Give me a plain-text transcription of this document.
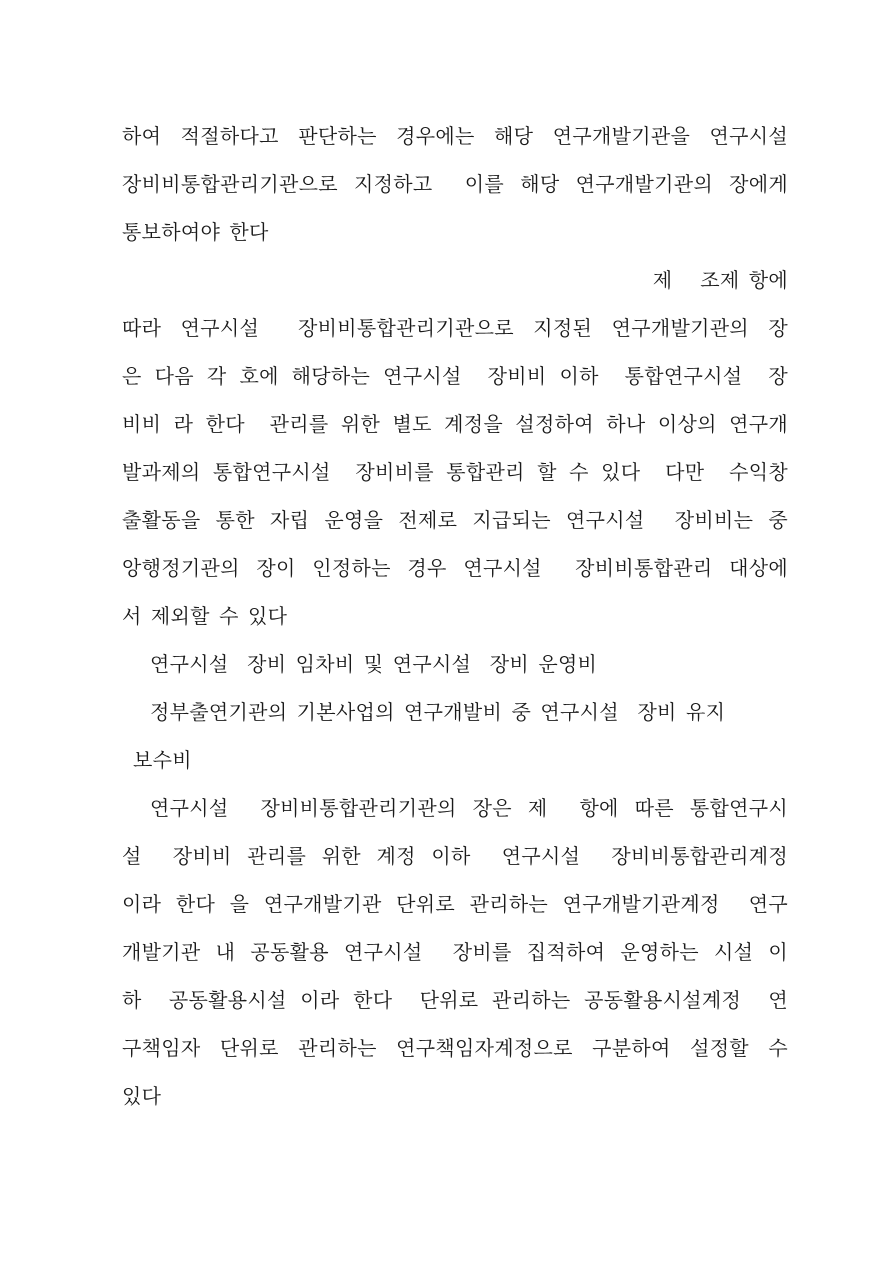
하여 적절하다고 판단하는 경우에는 해당 연구개발기관을 연구시설

장비비통합관리기관으로 지정하고  이를 해당 연구개발기관의 장에게

통보하여야 한다

제   조제 항에

따라 연구시설  장비비통합관리기관으로 지정된 연구개발기관의 장

은 다음 각 호에 해당하는 연구시설  장비비 이하  통합연구시설  장

비비 라 한다  관리를 위한 별도 계정을 설정하여 하나 이상의 연구개

발과제의 통합연구시설  장비비를 통합관리 할 수 있다  다만  수익창

출활동을 통한 자립 운영을 전제로 지급되는 연구시설  장비비는 중

앙행정기관의 장이 인정하는 경우 연구시설  장비비통합관리 대상에

서 제외할 수 있다

연구시설  장비 임차비 및 연구시설  장비 운영비

정부출연기관의 기본사업의 연구개발비 중 연구시설  장비 유지

보수비

연구시설  장비비통합관리기관의 장은 제  항에 따른 통합연구시

설  장비비 관리를 위한 계정 이하  연구시설  장비비통합관리계정

이라 한다 을 연구개발기관 단위로 관리하는 연구개발기관계정  연구

개발기관 내 공동활용 연구시설  장비를 집적하여 운영하는 시설 이

하  공동활용시설 이라 한다  단위로 관리하는 공동활용시설계정  연

구책임자 단위로 관리하는 연구책임자계정으로 구분하여 설정할 수

있다
